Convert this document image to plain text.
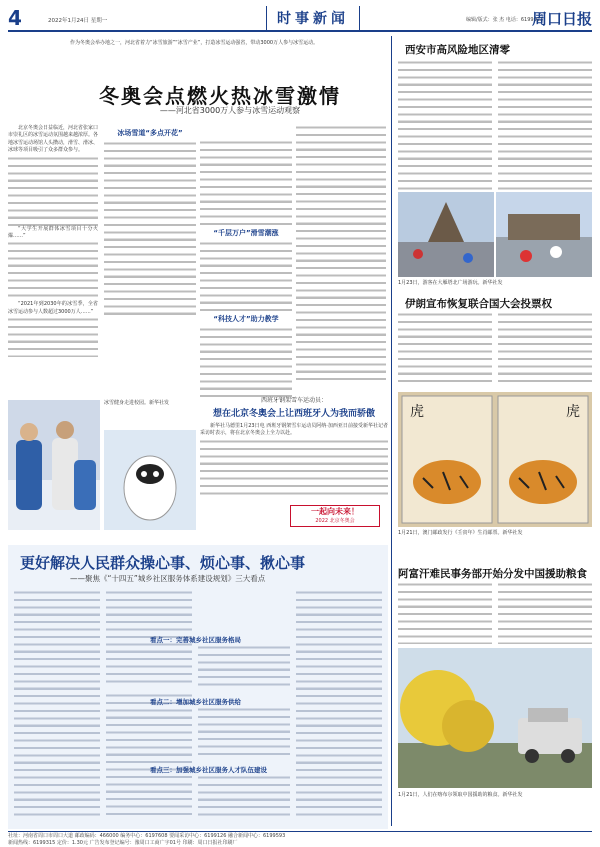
4	2022年1月24日 星期一	时事新闻	编辑/版式：张 杰 电话：6199923
周口日报

作为冬奥会举办地之一，河北省着力“冰雪旅游”“冰雪产业”，打造冰雪运动强省，带动3000万人参与冰雪运动。

冬奥会点燃火热冰雪激情
——河北省3000万人参与冰雪运动观察

北京冬奥会日益临近，河北省张家口市崇礼区的冰雪运动氛围越来越浓厚。各地冰雪运动场馆人头攒动，滑雪、滑冰、冰球等项目吸引了众多群众参与。

“大学生开展群体冰雪项目十分火爆……”

“2021年到2030年的冰雪季，全省冰雪运动参与人数超过3000万人……”

冰场雪道“多点开花”
“千层万户”滑雪潮涨
“科技人才”助力教学
冰雪健身走进校园。新华社发	西班牙钢架雪车运动员：
想在北京冬奥会上让西班牙人为我而骄傲

新华社马德里1月23日电 西班牙钢架雪车运动员阿纳·加西亚日前接受新华社记者采访时表示，将在北京冬奥会上全力以赴。

一起向未来！
2022 北京冬奥会
更好解决人民群众操心事、烦心事、揪心事
——聚焦《“十四五”城乡社区服务体系建设规划》三大看点
看点一：完善城乡社区服务格局
看点二：增加城乡社区服务供给
看点三：加强城乡社区服务人才队伍建设
西安市高风险地区清零
1月23日，游客在大雁塔北广场游玩。新华社发
伊朗宣布恢复联合国大会投票权
虎	虎
1月21日，澳门邮政发行《壬寅年》生肖邮票。新华社发
阿富汗难民事务部开始分发中国援助粮食
1月21日，人们在喀布尔领取中国援助的粮食。新华社发
社址：河南省周口市周口大道 邮政编码：466000 编务中心：6197608 要闻采访中心：6199126 融合新闻中心：6199593
新闻热线：6199315 定价：1.30元 广告发布登记编号：豫周口工商广字01号 印刷：周口日报社印刷厂
